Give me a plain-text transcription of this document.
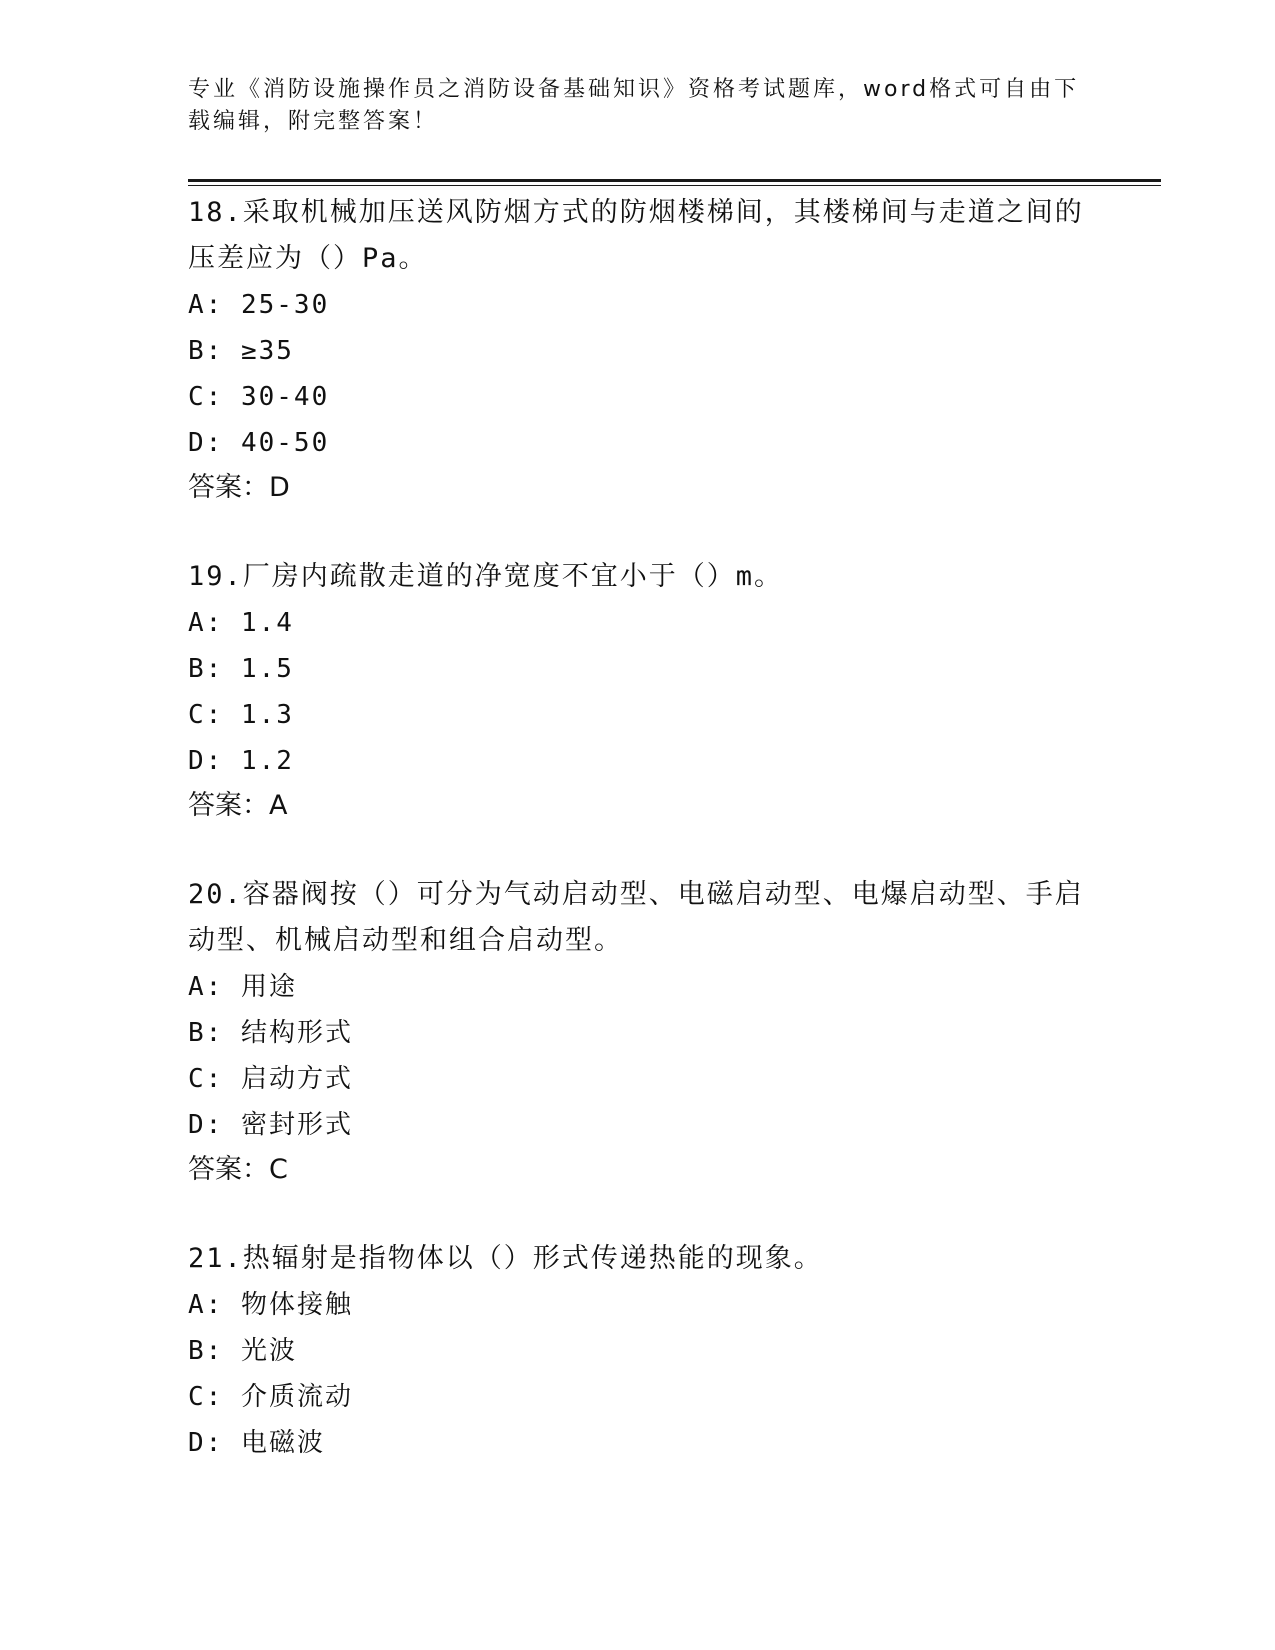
专业《消防设施操作员之消防设备基础知识》资格考试题库，word格式可自由下载编辑，附完整答案！

18.采取机械加压送风防烟方式的防烟楼梯间，其楼梯间与走道之间的压差应为（）Pa。

A: 25-30

B: ≥35

C: 30-40

D: 40-50

答案：D

19.厂房内疏散走道的净宽度不宜小于（）m。

A: 1.4

B: 1.5

C: 1.3

D: 1.2

答案：A

20.容器阀按（）可分为气动启动型、电磁启动型、电爆启动型、手启动型、机械启动型和组合启动型。

A: 用途

B: 结构形式

C: 启动方式

D: 密封形式

答案：C

21.热辐射是指物体以（）形式传递热能的现象。

A: 物体接触

B: 光波

C: 介质流动

D: 电磁波
